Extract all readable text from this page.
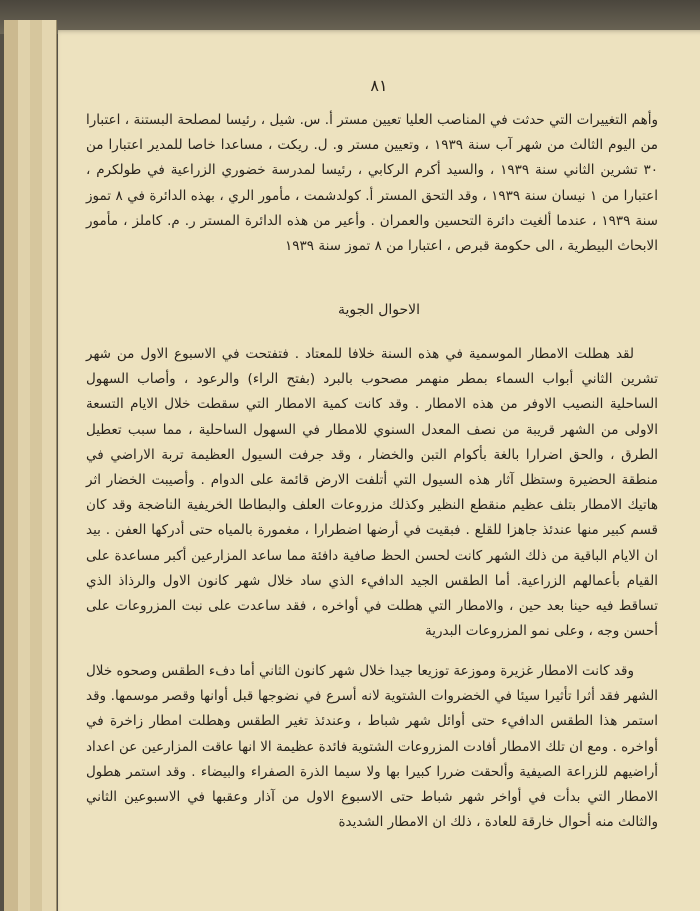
٨١

وأهم التغييرات التي حدثت في المناصب العليا تعيين مستر أ. س. شيل ، رئيسا لمصلحة البستنة ، اعتبارا من اليوم الثالث من شهر آب سنة ١٩٣٩ ، وتعيين مستر و. ل. ريكت ، مساعدا خاصا للمدير اعتبارا من ٣٠ تشرين الثاني سنة ١٩٣٩ ، والسيد أكرم الركابي ، رئيسا لمدرسة خضوري الزراعية في طولكرم ، اعتبارا من ١ نيسان سنة ١٩٣٩ ، وقد التحق المستر أ. كولدشمت ، مأمور الري ، بهذه الدائرة في ٨ تموز سنة ١٩٣٩ ، عندما ألغيت دائرة التحسين والعمران . وأعير من هذه الدائرة المستر ر. م. كاملز ، مأمور الابحاث البيطرية ، الى حكومة قبرص ، اعتبارا من ٨ تموز سنة ١٩٣٩

الاحوال الجوية

لقد هطلت الامطار الموسمية في هذه السنة خلافا للمعتاد . فتفتحت في الاسبوع الاول من شهر تشرين الثاني أبواب السماء بمطر منهمر مصحوب بالبرد (بفتح الراء) والرعود ، وأصاب السهول الساحلية النصيب الاوفر من هذه الامطار . وقد كانت كمية الامطار التي سقطت خلال الايام التسعة الاولى من الشهر قريبة من نصف المعدل السنوي للامطار في السهول الساحلية ، مما سبب تعطيل الطرق ، والحق اضرارا بالغة بأكوام التبن والخضار ، وقد جرفت السيول العظيمة تربة الاراضي في منطقة الحضيرة وستظل آثار هذه السيول التي أتلفت الارض قائمة على الدوام . وأصيبت الخضار اثر هاتيك الامطار بتلف عظيم منقطع النظير وكذلك مزروعات العلف والبطاطا الخريفية الناضجة وقد كان قسم كبير منها عندئذ جاهزا للقلع . فبقيت في أرضها اضطرارا ، مغمورة بالمياه حتى أدركها العفن . بيد ان الايام الباقية من ذلك الشهر كانت لحسن الحظ صافية دافئة مما ساعد المزارعين أكبر مساعدة على القيام بأعمالهم الزراعية. أما الطقس الجيد الدافيء الذي ساد خلال شهر كانون الاول والرذاذ الذي تساقط فيه حينا بعد حين ، والامطار التي هطلت في أواخره ، فقد ساعدت على نبت المزروعات على أحسن وجه ، وعلى نمو المزروعات البدرية

وقد كانت الامطار غزيرة وموزعة توزيعا جيدا خلال شهر كانون الثاني أما دفء الطقس وصحوه خلال الشهر فقد أثرا تأثيرا سيئا في الخضروات الشتوية لانه أسرع في نضوجها قبل أوانها وقصر موسمها. وقد استمر هذا الطقس الدافيء حتى أوائل شهر شباط ، وعندئذ تغير الطقس وهطلت امطار زاخرة في أواخره . ومع ان تلك الامطار أفادت المزروعات الشتوية فائدة عظيمة الا انها عاقت المزارعين عن اعداد أراضيهم للزراعة الصيفية وألحقت ضررا كبيرا بها ولا سيما الذرة الصفراء والبيضاء . وقد استمر هطول الامطار التي بدأت في أواخر شهر شباط حتى الاسبوع الاول من آذار وعقبها في الاسبوعين الثاني والثالث منه أحوال خارقة للعادة ، ذلك ان الامطار الشديدة
